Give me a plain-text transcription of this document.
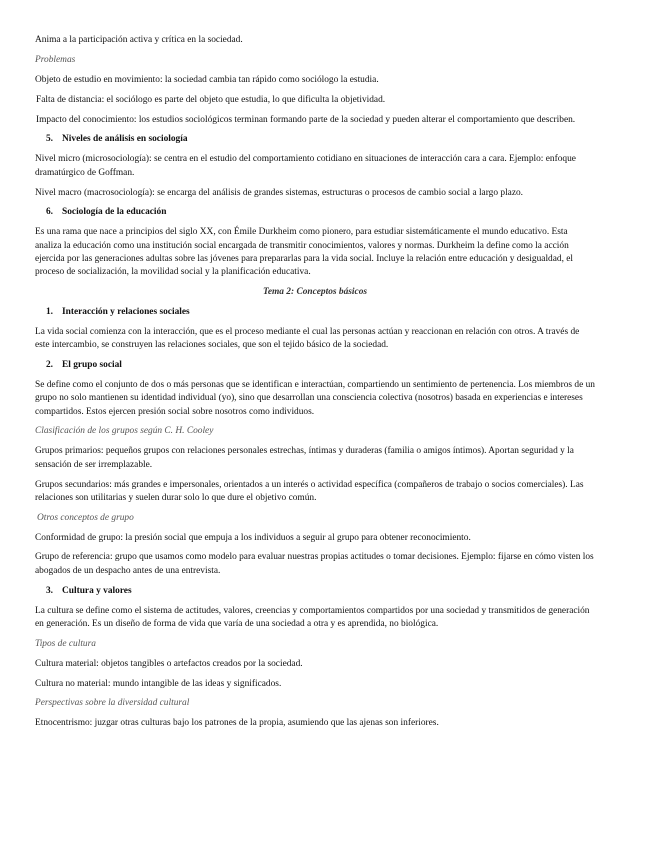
Anima a la participación activa y crítica en la sociedad.

Problemas

Objeto de estudio en movimiento: la sociedad cambia tan rápido como sociólogo la estudia.

Falta de distancia: el sociólogo es parte del objeto que estudia, lo que dificulta la objetividad.

Impacto del conocimiento: los estudios sociológicos terminan formando parte de la sociedad y pueden alterar el comportamiento que describen.

5. Niveles de análisis en sociología

Nivel micro (microsociología): se centra en el estudio del comportamiento cotidiano en situaciones de interacción cara a cara. Ejemplo: enfoque dramatúrgico de Goffman.

Nivel macro (macrosociología): se encarga del análisis de grandes sistemas, estructuras o procesos de cambio social a largo plazo.

6. Sociología de la educación

Es una rama que nace a principios del siglo XX, con Émile Durkheim como pionero, para estudiar sistemáticamente el mundo educativo. Esta analiza la educación como una institución social encargada de transmitir conocimientos, valores y normas. Durkheim la define como la acción ejercida por las generaciones adultas sobre las jóvenes para prepararlas para la vida social. Incluye la relación entre educación y desigualdad, el proceso de socialización, la movilidad social y la planificación educativa.

Tema 2: Conceptos básicos
1. Interacción y relaciones sociales

La vida social comienza con la interacción, que es el proceso mediante el cual las personas actúan y reaccionan en relación con otros. A través de este intercambio, se construyen las relaciones sociales, que son el tejido básico de la sociedad.

2. El grupo social

Se define como el conjunto de dos o más personas que se identifican e interactúan, compartiendo un sentimiento de pertenencia. Los miembros de un grupo no solo mantienen su identidad individual (yo), sino que desarrollan una consciencia colectiva (nosotros) basada en experiencias e intereses compartidos. Estos ejercen presión social sobre nosotros como individuos.

Clasificación de los grupos según C. H. Cooley

Grupos primarios: pequeños grupos con relaciones personales estrechas, íntimas y duraderas (familia o amigos íntimos). Aportan seguridad y la sensación de ser irremplazable.

Grupos secundarios: más grandes e impersonales, orientados a un interés o actividad específica (compañeros de trabajo o socios comerciales). Las relaciones son utilitarias y suelen durar solo lo que dure el objetivo común.

Otros conceptos de grupo

Conformidad de grupo: la presión social que empuja a los individuos a seguir al grupo para obtener reconocimiento.

Grupo de referencia: grupo que usamos como modelo para evaluar nuestras propias actitudes o tomar decisiones. Ejemplo: fijarse en cómo visten los abogados de un despacho antes de una entrevista.

3. Cultura y valores

La cultura se define como el sistema de actitudes, valores, creencias y comportamientos compartidos por una sociedad y transmitidos de generación en generación. Es un diseño de forma de vida que varía de una sociedad a otra y es aprendida, no biológica.

Tipos de cultura

Cultura material: objetos tangibles o artefactos creados por la sociedad.

Cultura no material: mundo intangible de las ideas y significados.

Perspectivas sobre la diversidad cultural

Etnocentrismo: juzgar otras culturas bajo los patrones de la propia, asumiendo que las ajenas son inferiores.
